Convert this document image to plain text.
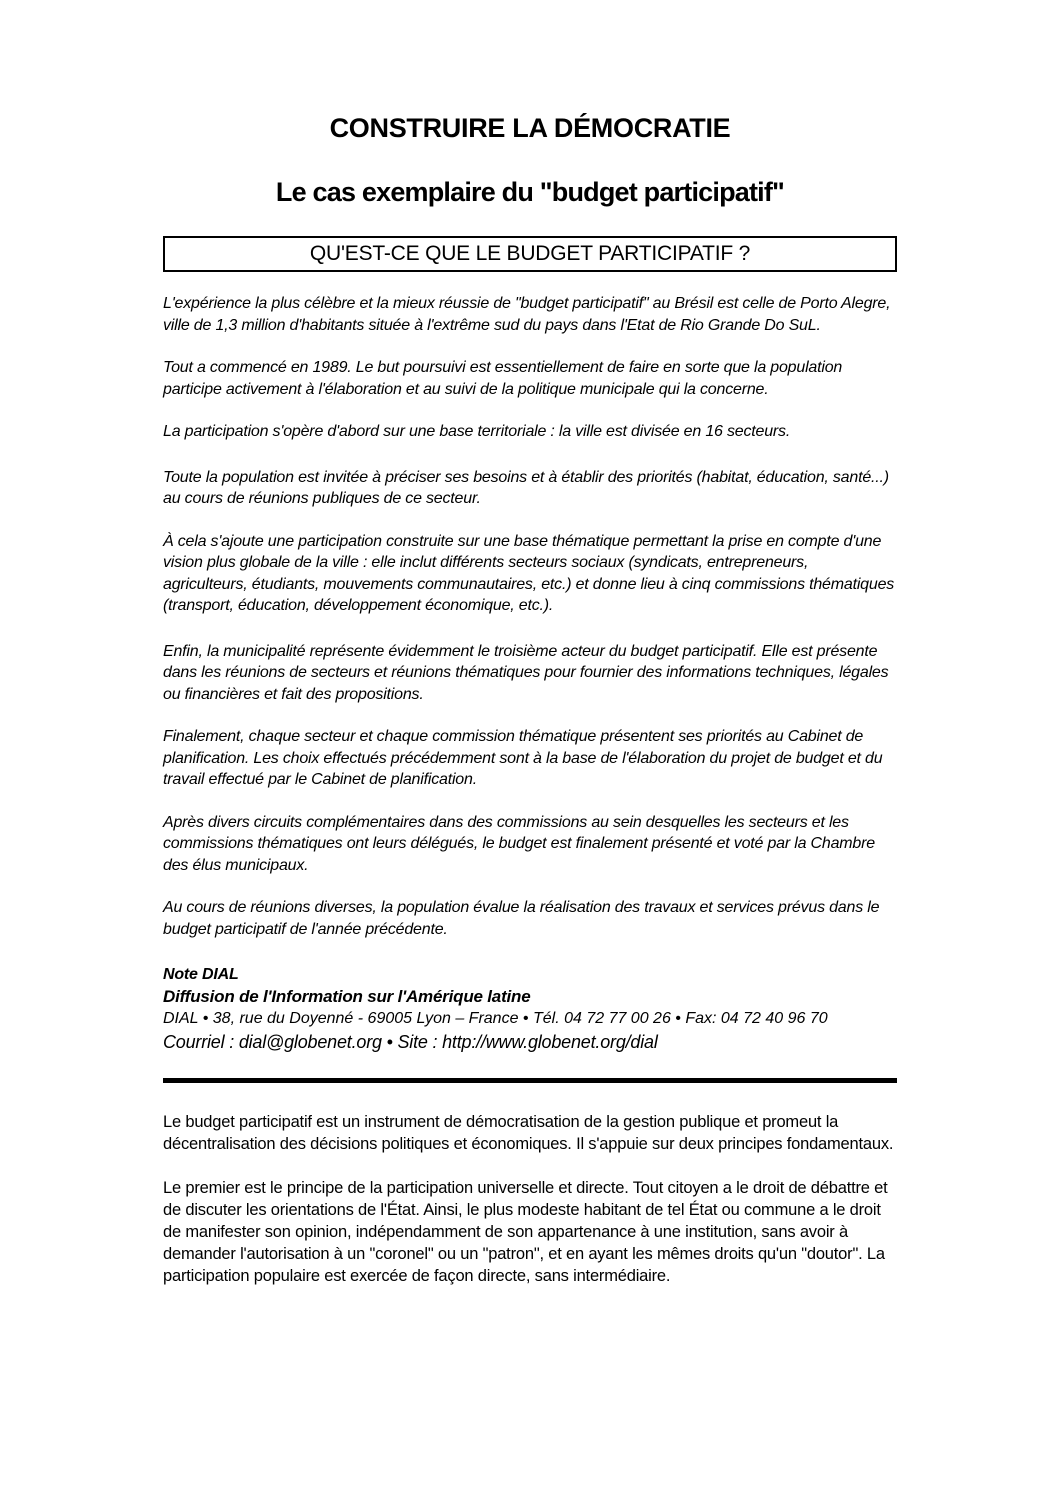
CONSTRUIRE LA DÉMOCRATIE
Le cas exemplaire du "budget participatif"
QU'EST-CE QUE LE BUDGET PARTICIPATIF ?

L'expérience la plus célèbre et la mieux réussie de "budget participatif" au Brésil est celle de Porto Alegre, ville de 1,3 million d'habitants située à l'extrême sud du pays dans l'Etat de Rio Grande Do SuL.

Tout a commencé en 1989. Le but poursuivi est essentiellement de faire en sorte que la population participe activement à l'élaboration et au suivi de la politique municipale qui la concerne.

La participation s'opère d'abord sur une base territoriale : la ville est divisée en 16 secteurs.

Toute la population est invitée à préciser ses besoins et à établir des priorités (habitat, éducation, santé...) au cours de réunions publiques de ce secteur.

À cela s'ajoute une participation construite sur une base thématique permettant la prise en compte d'une vision plus globale de la ville : elle inclut différents secteurs sociaux (syndicats, entrepreneurs, agriculteurs, étudiants, mouvements communautaires, etc.) et donne lieu à cinq commissions thématiques (transport, éducation, développement économique, etc.).

Enfin, la municipalité représente évidemment le troisième acteur du budget participatif. Elle est présente dans les réunions de secteurs et réunions thématiques pour fournier des informations techniques, légales ou financières et fait des propositions.

Finalement, chaque secteur et chaque commission thématique présentent ses priorités au Cabinet de planification. Les choix effectués précédemment sont à la base de l'élaboration du projet de budget et du travail effectué par le Cabinet de planification.

Après divers circuits complémentaires dans des commissions au sein desquelles les secteurs et les commissions thématiques ont leurs délégués, le budget est finalement présenté et voté par la Chambre des élus municipaux.

Au cours de réunions diverses, la population évalue la réalisation des travaux et services prévus dans le budget participatif de l'année précédente.

Note DIAL

Diffusion de l'Information sur l'Amérique latine

DIAL • 38, rue du Doyenné - 69005 Lyon – France • Tél. 04 72 77 00 26 • Fax: 04 72 40 96 70

Courriel : dial@globenet.org • Site : http://www.globenet.org/dial

Le budget participatif est un instrument de démocratisation de la gestion publique et promeut la décentralisation des décisions politiques et économiques. Il s'appuie sur deux principes fondamentaux.

Le premier est le principe de la participation universelle et directe. Tout citoyen a le droit de débattre et de discuter les orientations de l'État. Ainsi, le plus modeste habitant de tel État ou commune a le droit de manifester son opinion, indépendamment de son appartenance à une institution, sans avoir à demander l'autorisation à un "coronel" ou un "patron", et en ayant les mêmes droits qu'un "doutor". La participation populaire est exercée de façon directe, sans intermédiaire.
